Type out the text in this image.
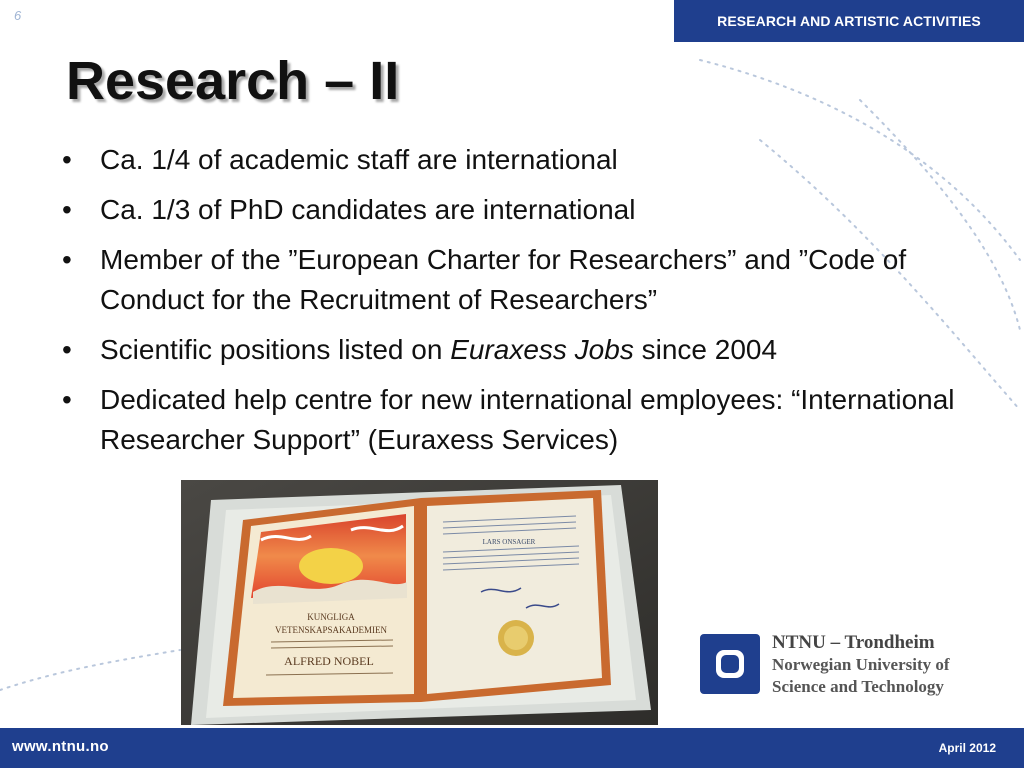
6	RESEARCH AND ARTISTIC ACTIVITIES
Research – II
• Ca. 1/4 of academic staff are international
• Ca. 1/3 of PhD candidates are international
• Member of the ”European Charter for Researchers” and ”Code of Conduct for the Recruitment of Researchers”
• Scientific positions listed on Euraxess Jobs since 2004
• Dedicated help centre for new international employees: “International Researcher Support” (Euraxess Services)
KUNGLIGA
VETENSKAPSAKADEMIEN
ALFRED NOBEL
LARS ONSAGER
NTNU – Trondheim
Norwegian University of
Science and Technology
www.ntnu.no	April 2012
